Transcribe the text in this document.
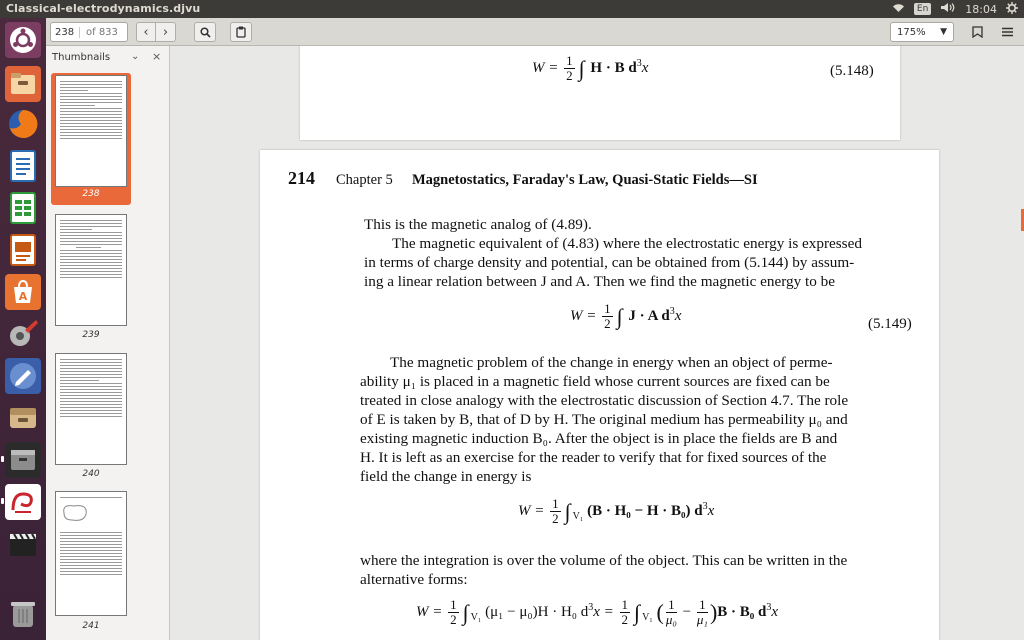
Classical-electrodynamics.djvu	En	18:04
A
238	of 833 ‹ ›	175% ▼
Thumbnails ⌄ ×
238
239
240
241
$W = \frac{1}{2}$ ∫ H · B $d^3x$	(5.148)
214 Chapter 5 Magnetostatics, Faraday's Law, Quasi-Static Fields—SI
This is the magnetic analog of (4.89).
The magnetic equivalent of (4.83) where the electrostatic energy is expressed
in terms of charge density and potential, can be obtained from (5.144) by assum-
ing a linear relation between J and A. Then we find the magnetic energy to be
$W = \frac{1}{2}$ ∫ J · A $d^3x$
(5.149)
The magnetic problem of the change in energy when an object of perme-
ability μ₁ is placed in a magnetic field whose current sources are fixed can be
treated in close analogy with the electrostatic discussion of Section 4.7. The role
of E is taken by B, that of D by H. The original medium has permeability μ₀ and
existing magnetic induction B₀. After the object is in place the fields are B and
H. It is left as an exercise for the reader to verify that for fixed sources of the
field the change in energy is
$W = \frac{1}{2}$ ∫ $_{V_1}$ (B · H₀ − H · B₀) $d^3x$
where the integration is over the volume of the object. This can be written in the
alternative forms:
$W = \frac{1}{2}$ ∫ $_{V_1}$ (μ₁ − μ₀)H · H₀ $d^3x = \frac{1}{2}$ ∫ $_{V_1}$ ( $\frac{1}{\text{μ₀}} - \frac{1}{\text{μ₁}})B \cdot B_0$ $d^3x$
